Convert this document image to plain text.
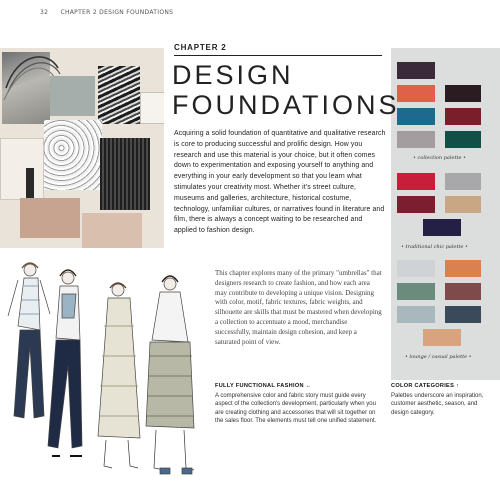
32 CHAPTER 2 DESIGN FOUNDATIONS
• collection palette •
• traditional chic palette •
• lounge / casual palette •
CHAPTER 2
DESIGN
FOUNDATIONS

Acquiring a solid foundation of quantitative and qualitative research is core to producing successful and prolific design. How you research and use this material is your choice, but it often comes down to experimentation and exposing yourself to anything and everything in your early development so that you learn what stimulates your creativity most. Whether it's street culture, museums and galleries, architecture, historical costume, technology, unfamiliar cultures, or narratives found in literature and film, there is always a concept waiting to be researched and applied to fashion design.

This chapter explores many of the primary "umbrellas" that designers research to create fashion, and how each area may contribute to developing a unique vision. Designing with color, motif, fabric textures, fabric weights, and silhouette are skills that must be mastered when developing a collection to accentuate a mood, merchandise successfully, maintain design cohesion, and keep a saturated point of view.

FULLY FUNCTIONAL FASHION ←

A comprehensive color and fabric story must guide every aspect of the collection's development, particularly when you are creating clothing and accessories that will sit together on the sales floor. The elements must tell one unified statement.

COLOR CATEGORIES ↑

Palettes underscore an inspiration, customer aesthetic, season, and design category.
